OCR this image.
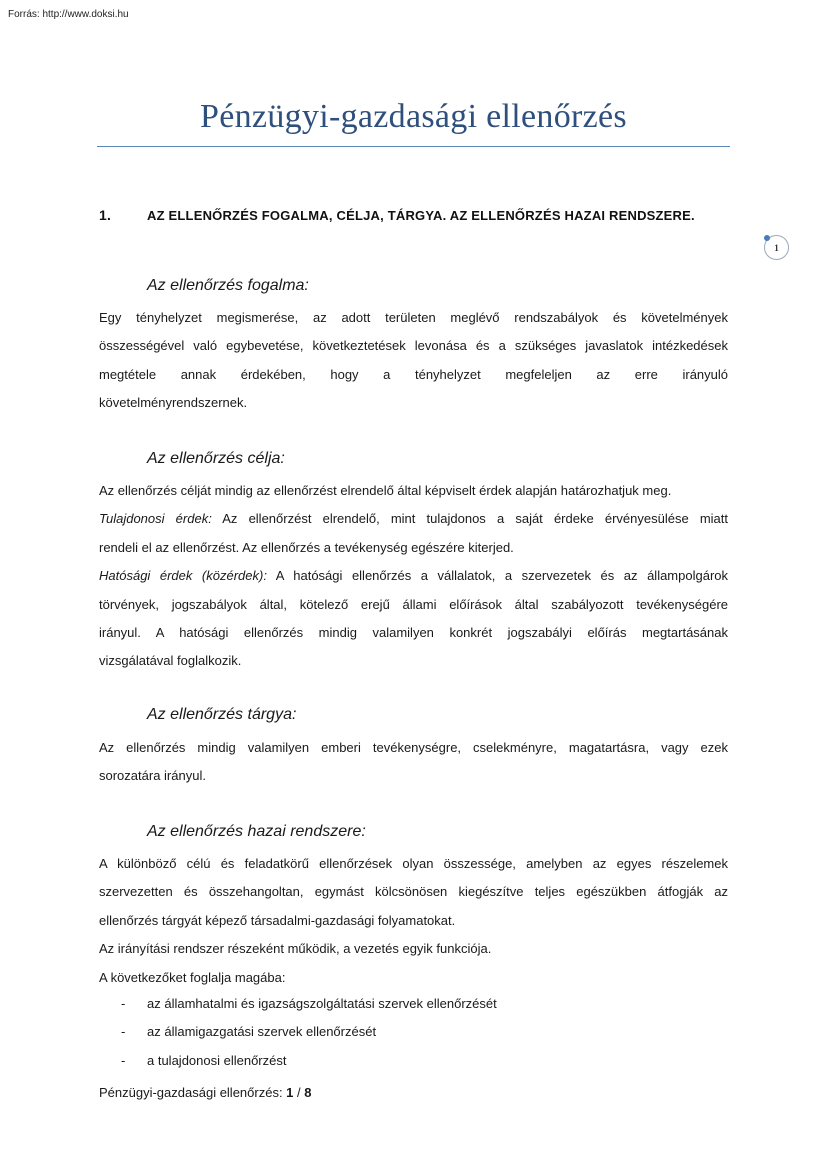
Forrás: http://www.doksi.hu
Pénzügyi-gazdasági ellenőrzés
1.	AZ ELLENŐRZÉS FOGALMA, CÉLJA, TÁRGYA. AZ ELLENŐRZÉS HAZAI RENDSZERE.
1
Az ellenőrzés fogalma:
Egy tényhelyzet megismerése, az adott területen meglévő rendszabályok és követelmények
összességével való egybevetése, következtetések levonása és a szükséges javaslatok intézkedések
megtétele annak érdekében, hogy a tényhelyzet megfeleljen az erre irányuló
követelményrendszernek.
Az ellenőrzés célja:
Az ellenőrzés célját mindig az ellenőrzést elrendelő által képviselt érdek alapján határozhatjuk meg.
Tulajdonosi érdek: Az ellenőrzést elrendelő, mint tulajdonos a saját érdeke érvényesülése miatt
rendeli el az ellenőrzést. Az ellenőrzés a tevékenység egészére kiterjed.
Hatósági érdek (közérdek): A hatósági ellenőrzés a vállalatok, a szervezetek és az állampolgárok
törvények, jogszabályok által, kötelező erejű állami előírások által szabályozott tevékenységére
irányul. A hatósági ellenőrzés mindig valamilyen konkrét jogszabályi előírás megtartásának
vizsgálatával foglalkozik.
Az ellenőrzés tárgya:
Az ellenőrzés mindig valamilyen emberi tevékenységre, cselekményre, magatartásra, vagy ezek
sorozatára irányul.
Az ellenőrzés hazai rendszere:
A különböző célú és feladatkörű ellenőrzések olyan összessége, amelyben az egyes részelemek
szervezetten és összehangoltan, egymást kölcsönösen kiegészítve teljes egészükben átfogják az
ellenőrzés tárgyát képező társadalmi-gazdasági folyamatokat.
Az irányítási rendszer részeként működik, a vezetés egyik funkciója.
A következőket foglalja magába:
- az államhatalmi és igazságszolgáltatási szervek ellenőrzését
- az államigazgatási szervek ellenőrzését
- a tulajdonosi ellenőrzést
Pénzügyi-gazdasági ellenőrzés: 1 / 8
